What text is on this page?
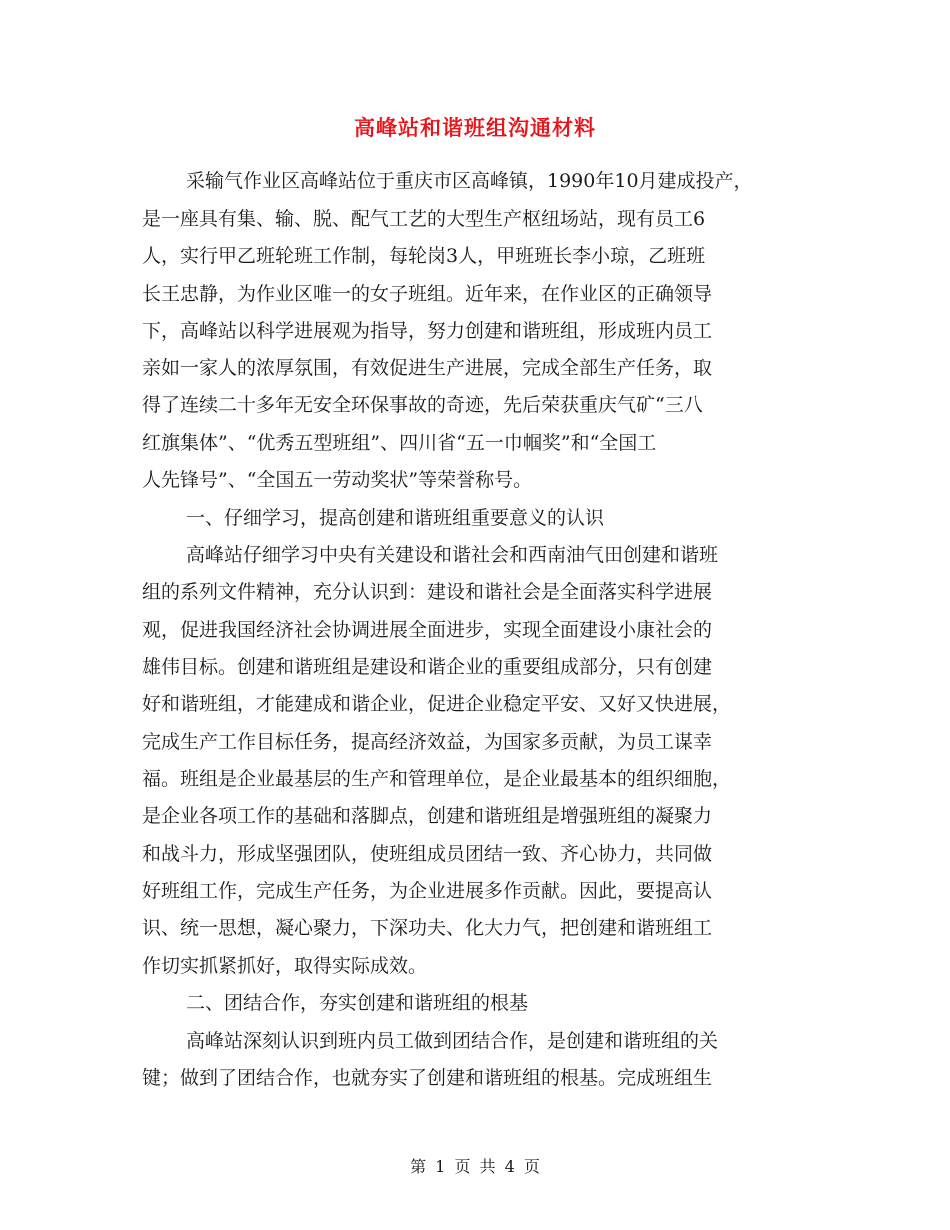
高峰站和谐班组沟通材料

采输气作业区高峰站位于重庆市区高峰镇，1990年10月建成投产，

是一座具有集、输、脱、配气工艺的大型生产枢纽场站，现有员工6

人，实行甲乙班轮班工作制，每轮岗3人，甲班班长李小琼，乙班班

长王忠静，为作业区唯一的女子班组。近年来，在作业区的正确领导

下，高峰站以科学进展观为指导，努力创建和谐班组，形成班内员工

亲如一家人的浓厚氛围，有效促进生产进展，完成全部生产任务，取

得了连续二十多年无安全环保事故的奇迹，先后荣获重庆气矿“三八

红旗集体”、“优秀五型班组”、四川省“五一巾帼奖”和“全国工

人先锋号”、“全国五一劳动奖状”等荣誉称号。

一、仔细学习，提高创建和谐班组重要意义的认识

高峰站仔细学习中央有关建设和谐社会和西南油气田创建和谐班

组的系列文件精神，充分认识到：建设和谐社会是全面落实科学进展

观，促进我国经济社会协调进展全面进步，实现全面建设小康社会的

雄伟目标。创建和谐班组是建设和谐企业的重要组成部分，只有创建

好和谐班组，才能建成和谐企业，促进企业稳定平安、又好又快进展，

完成生产工作目标任务，提高经济效益，为国家多贡献，为员工谋幸

福。班组是企业最基层的生产和管理单位，是企业最基本的组织细胞，

是企业各项工作的基础和落脚点，创建和谐班组是增强班组的凝聚力

和战斗力，形成坚强团队，使班组成员团结一致、齐心协力，共同做

好班组工作，完成生产任务，为企业进展多作贡献。因此，要提高认

识、统一思想，凝心聚力，下深功夫、化大力气，把创建和谐班组工

作切实抓紧抓好，取得实际成效。

二、团结合作，夯实创建和谐班组的根基

高峰站深刻认识到班内员工做到团结合作，是创建和谐班组的关

键；做到了团结合作，也就夯实了创建和谐班组的根基。完成班组生

第 1 页 共 4 页
